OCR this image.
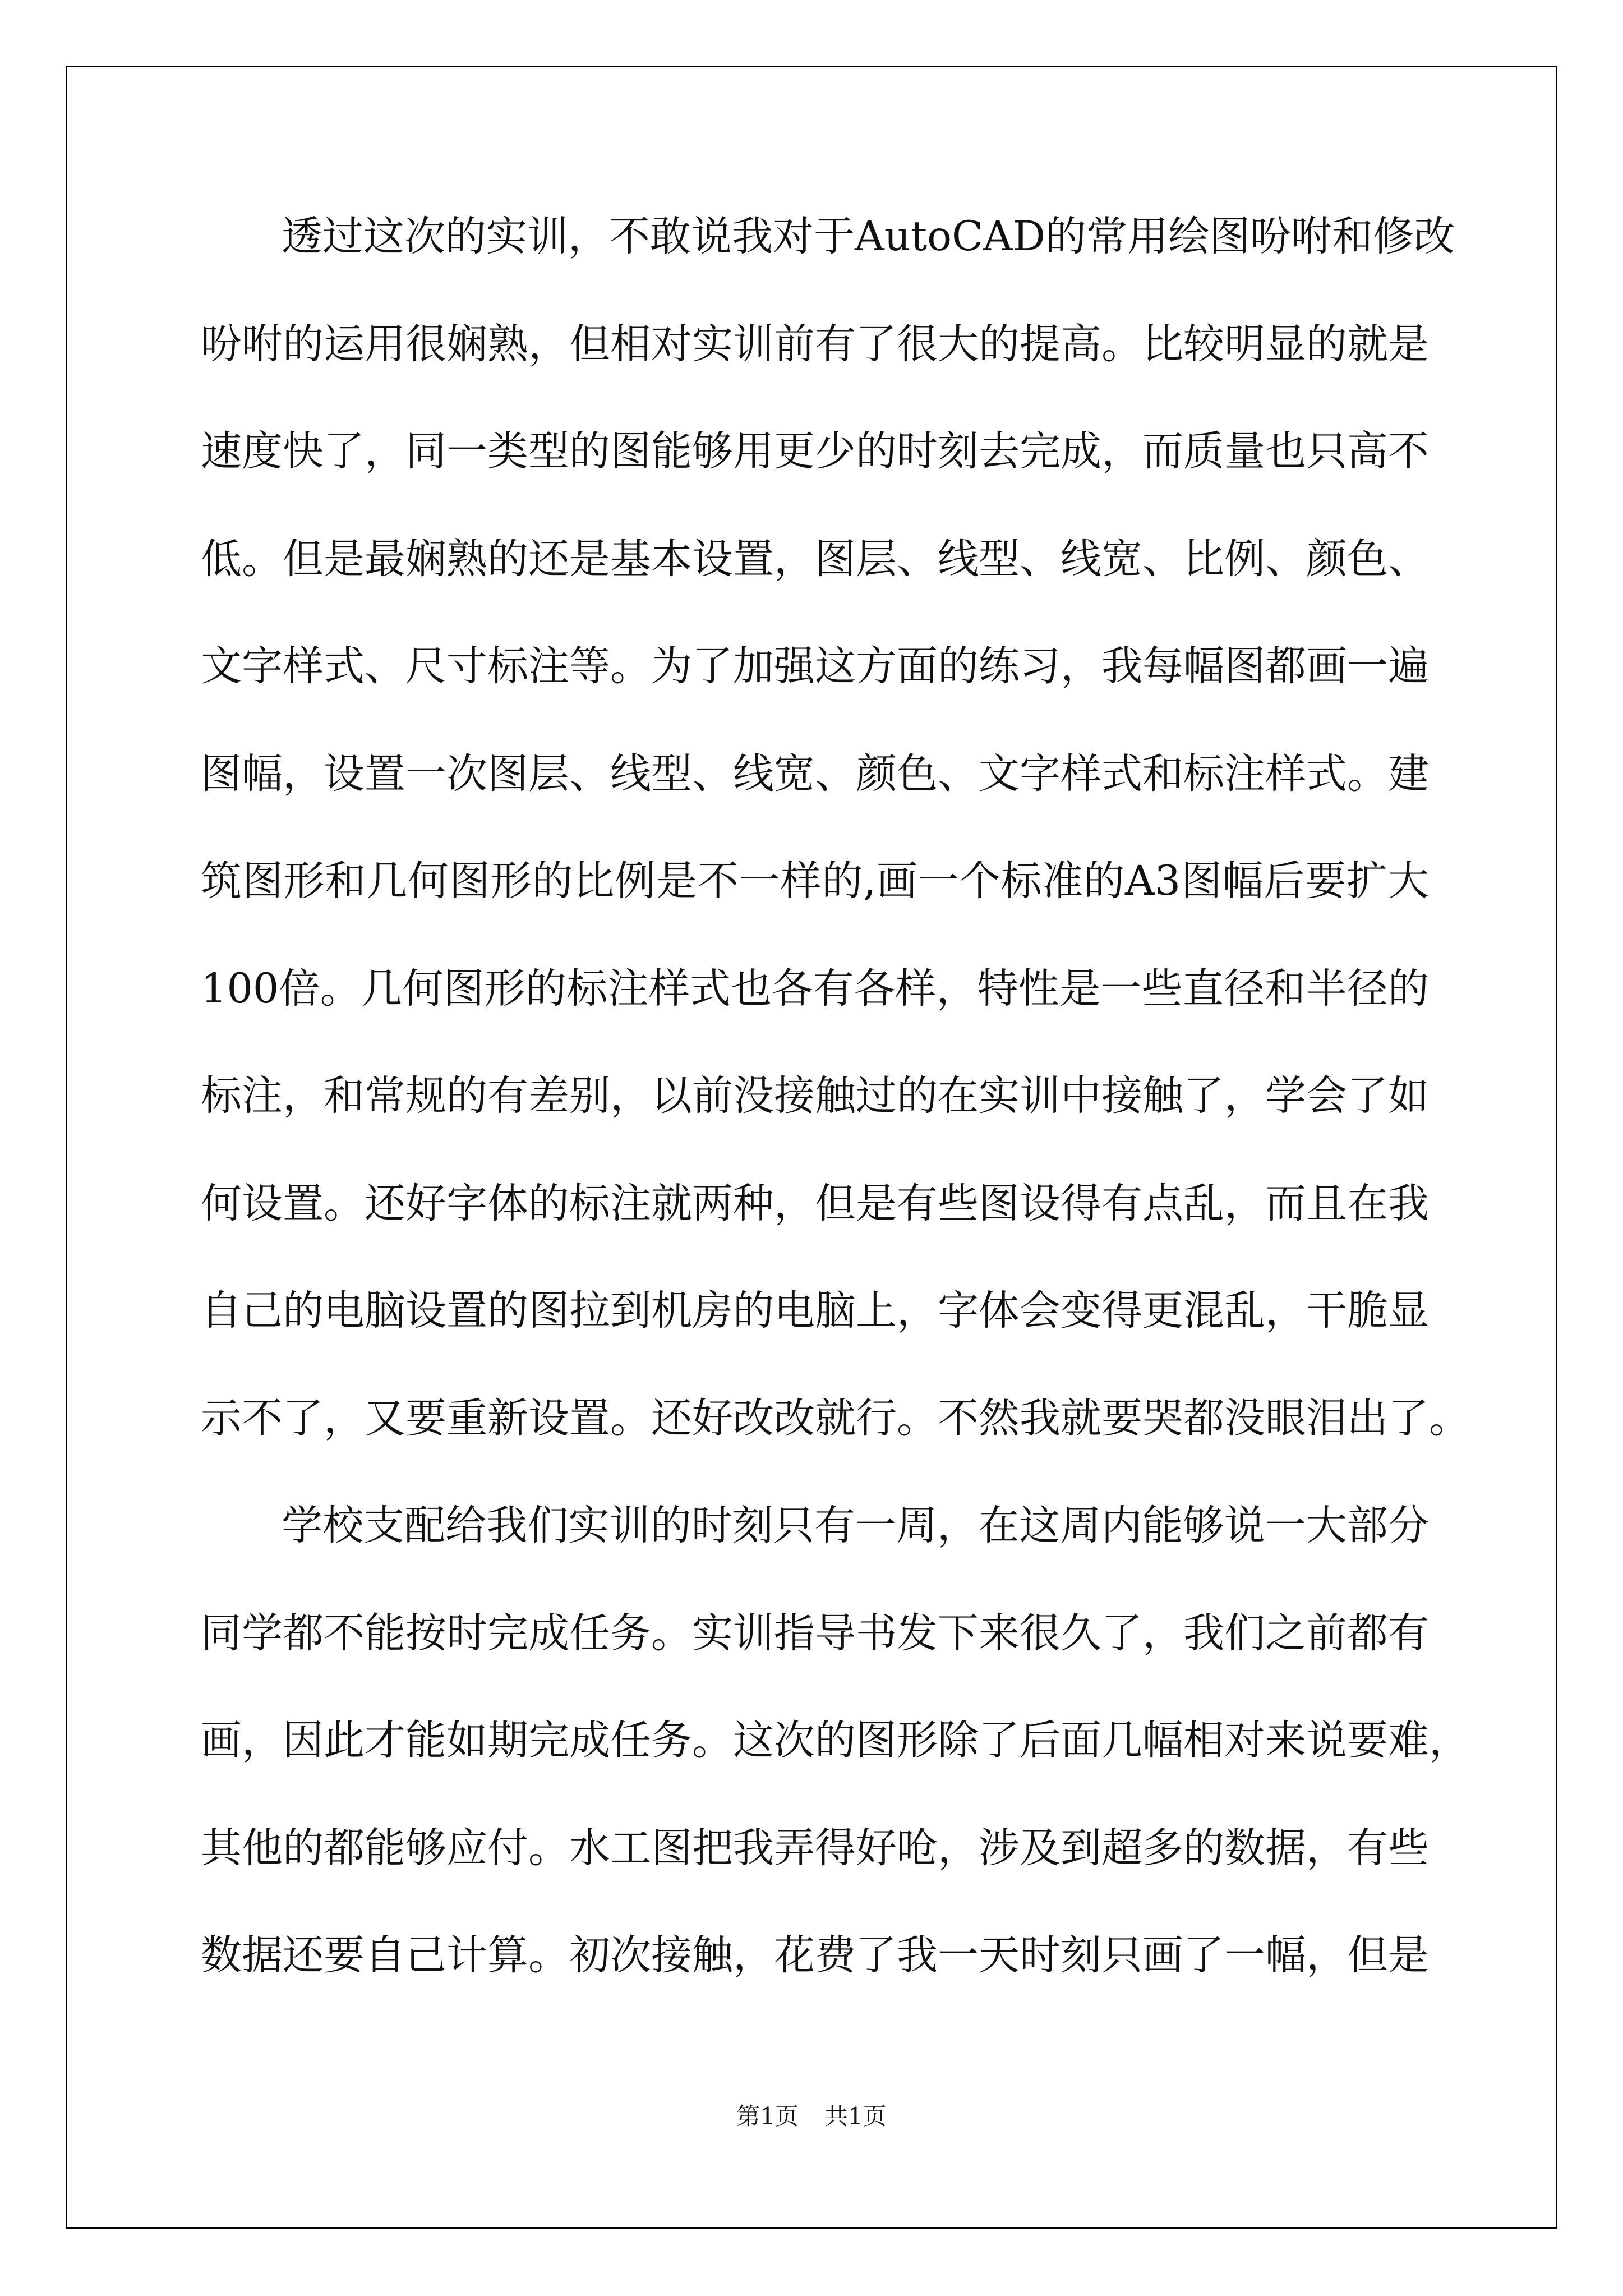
透过这次的实训，不敢说我对于AutoCAD的常用绘图吩咐和修改
吩咐的运用很娴熟，但相对实训前有了很大的提高。比较明显的就是
速度快了，同一类型的图能够用更少的时刻去完成，而质量也只高不
低。但是最娴熟的还是基本设置，图层、线型、线宽、比例、颜色、
文字样式、尺寸标注等。为了加强这方面的练习，我每幅图都画一遍
图幅，设置一次图层、线型、线宽、颜色、文字样式和标注样式。建
筑图形和几何图形的比例是不一样的,画一个标准的A3图幅后要扩大
100倍。几何图形的标注样式也各有各样，特性是一些直径和半径的
标注，和常规的有差别，以前没接触过的在实训中接触了，学会了如
何设置。还好字体的标注就两种，但是有些图设得有点乱，而且在我
自己的电脑设置的图拉到机房的电脑上，字体会变得更混乱，干脆显
示不了，又要重新设置。还好改改就行。不然我就要哭都没眼泪出了。
学校支配给我们实训的时刻只有一周，在这周内能够说一大部分
同学都不能按时完成任务。实训指导书发下来很久了，我们之前都有
画，因此才能如期完成任务。这次的图形除了后面几幅相对来说要难，
其他的都能够应付。水工图把我弄得好呛，涉及到超多的数据，有些
数据还要自己计算。初次接触，花费了我一天时刻只画了一幅，但是
第1页 共1页
